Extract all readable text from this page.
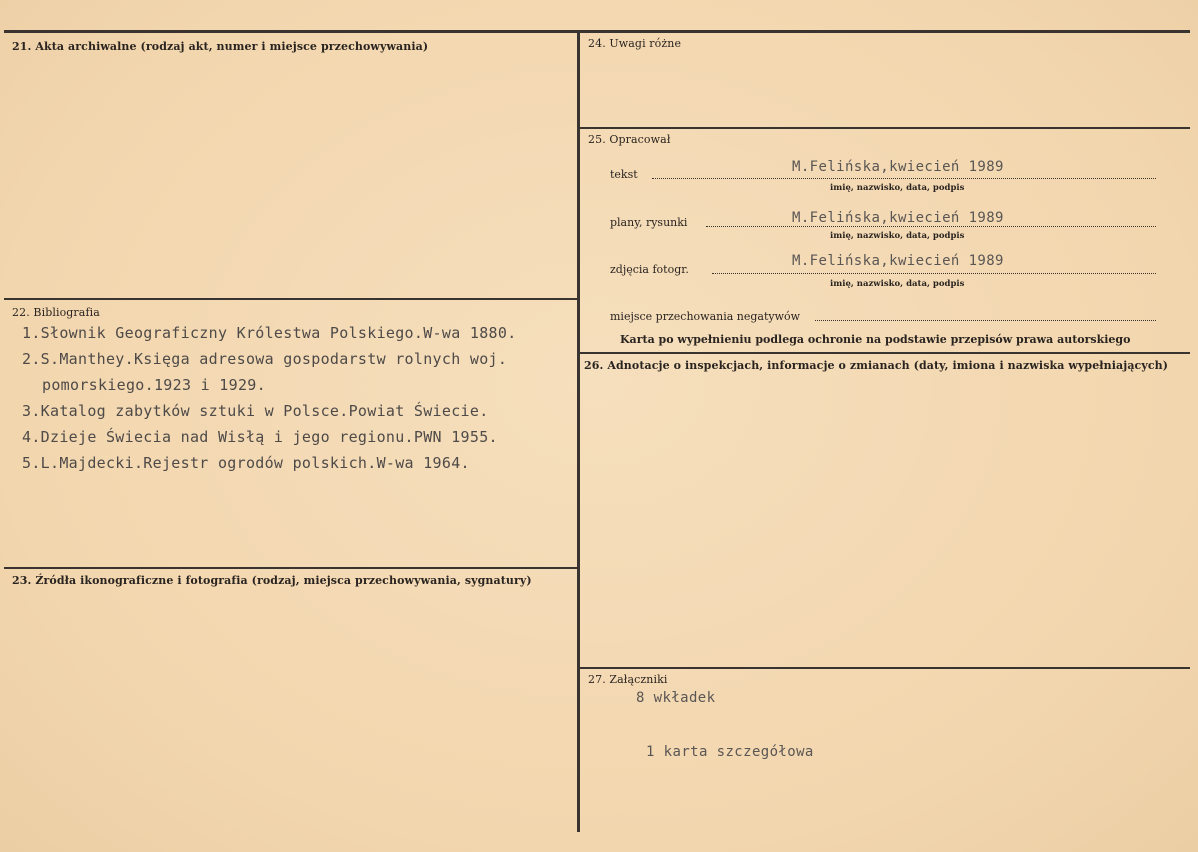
21. Akta archiwalne (rodzaj akt, numer i miejsce przechowywania)
22. Bibliografia
1.Słownik Geograficzny Królestwa Polskiego.W-wa 1880.
2.S.Manthey.Księga adresowa gospodarstw rolnych woj.
pomorskiego.1923 i 1929.
3.Katalog zabytków sztuki w Polsce.Powiat Świecie.
4.Dzieje Świecia nad Wisłą i jego regionu.PWN 1955.
5.L.Majdecki.Rejestr ogrodów polskich.W-wa 1964.
23. Źródła ikonograficzne i fotografia (rodzaj, miejsca przechowywania, sygnatury)
24. Uwagi różne
25. Opracował
tekst	M.Felińska,kwiecień 1989
imię, nazwisko, data, podpis
plany, rysunki	M.Felińska,kwiecień 1989
imię, nazwisko, data, podpis
zdjęcia fotogr.
M.Felińska,kwiecień 1989
imię, nazwisko, data, podpis
miejsce przechowania negatywów
Karta po wypełnieniu podlega ochronie na podstawie przepisów prawa autorskiego
26. Adnotacje o inspekcjach, informacje o zmianach (daty, imiona i nazwiska wypełniających)
27. Załączniki
8 wkładek
1 karta szczegółowa
